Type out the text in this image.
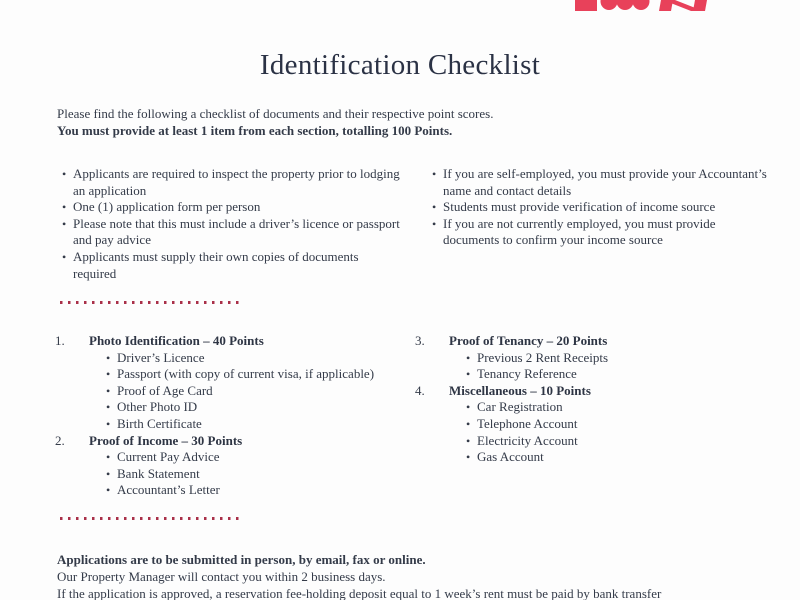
Identification Checklist

Please find the following a checklist of documents and their respective point scores.

You must provide at least 1 item from each section, totalling 100 Points.

• Applicants are required to inspect the property prior to lodging an application
• One (1) application form per person
• Please note that this must include a driver’s licence or passport and pay advice
• Applicants must supply their own copies of documents required
• If you are self-employed, you must provide your Accountant’s name and contact details
• Students must provide verification of income source
• If you are not currently employed, you must provide documents to confirm your income source
1.	Photo Identification – 40 Points
• Driver’s Licence
• Passport (with copy of current visa, if applicable)
• Proof of Age Card
• Other Photo ID
• Birth Certificate
2.	Proof of Income – 30 Points
• Current Pay Advice
• Bank Statement
• Accountant’s Letter
3.	Proof of Tenancy – 20 Points
• Previous 2 Rent Receipts
• Tenancy Reference
4.	Miscellaneous – 10 Points
• Car Registration
• Telephone Account
• Electricity Account
• Gas Account

Applications are to be submitted in person, by email, fax or online.

Our Property Manager will contact you within 2 business days.

If the application is approved, a reservation fee-holding deposit equal to 1 week’s rent must be paid by bank transfer
